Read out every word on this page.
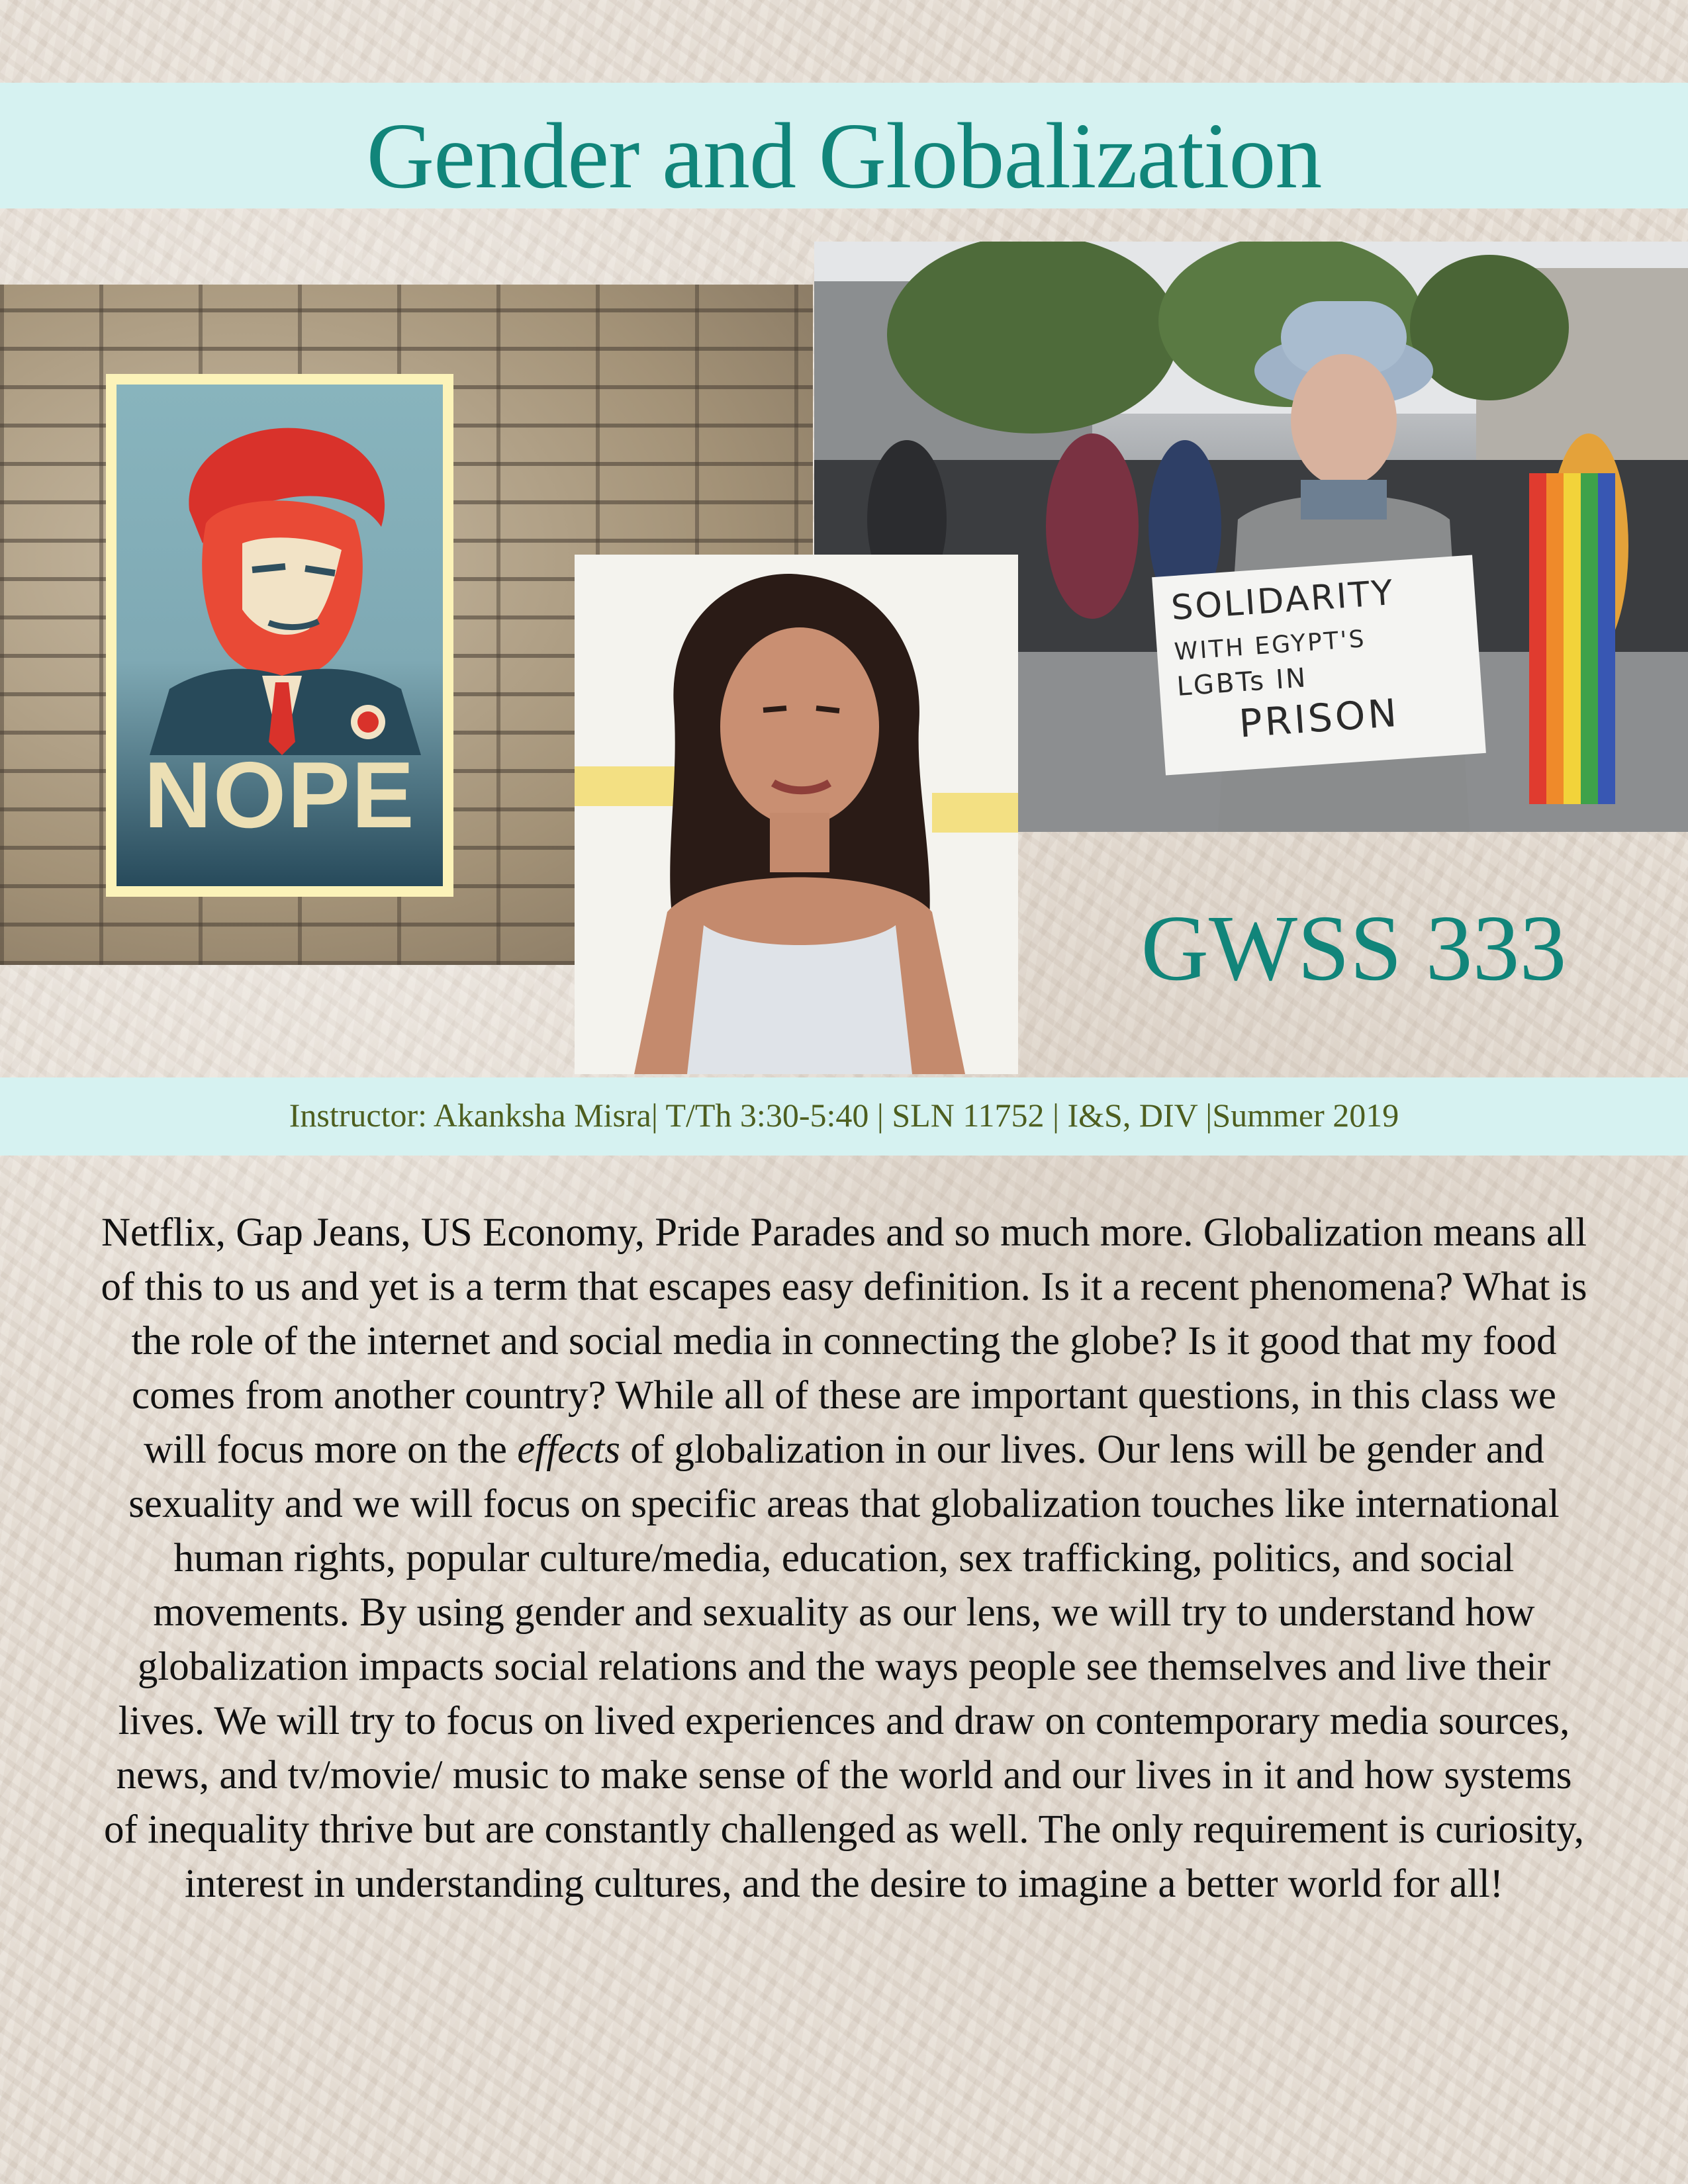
Gender and Globalization
NOPE
SOLIDARITY
WITH EGYPT'S
LGBTs IN
PRISON
GWSS 333
Instructor: Akanksha Misra| T/Th 3:30-5:40 | SLN 11752 | I&S, DIV |Summer 2019
Netflix, Gap Jeans, US Economy, Pride Parades and so much more. Globalization means all of this to us and yet is a term that escapes easy definition. Is it a recent phenomena? What is the role of the internet and social media in connecting the globe? Is it good that my food comes from another country? While all of these are important questions, in this class we will focus more on the effects of globalization in our lives. Our lens will be gender and sexuality and we will focus on specific areas that globalization touches like international human rights, popular culture/media, education, sex trafficking, politics, and social movements. By using gender and sexuality as our lens, we will try to understand how globalization impacts social relations and the ways people see themselves and live their lives. We will try to focus on lived experiences and draw on contemporary media sources, news, and tv/movie/ music to make sense of the world and our lives in it and how systems of inequality thrive but are constantly challenged as well. The only requirement is curiosity, interest in understanding cultures, and the desire to imagine a better world for all!
